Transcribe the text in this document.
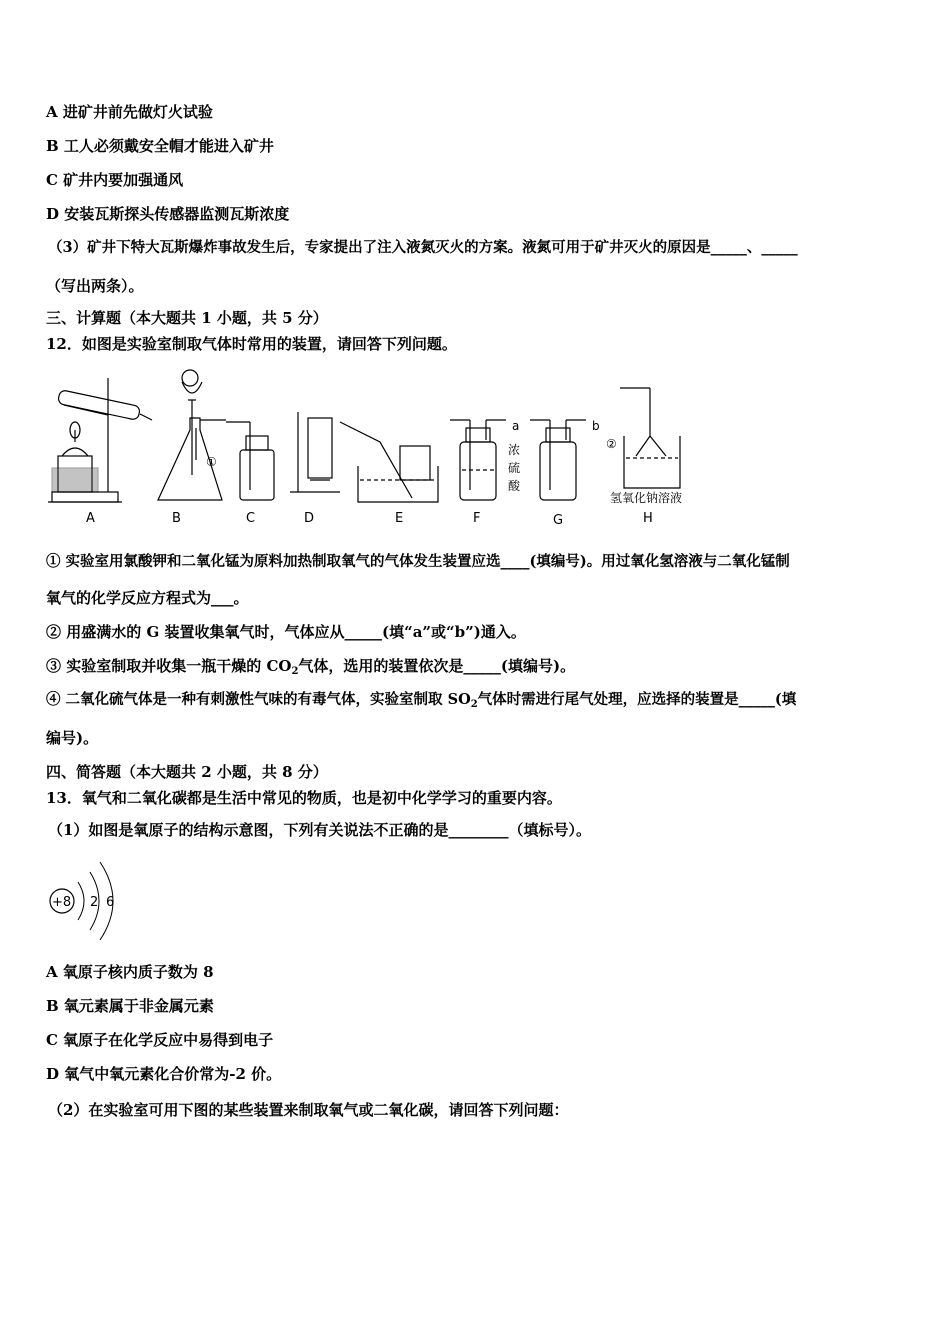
A 进矿井前先做灯火试验
B 工人必须戴安全帽才能进入矿井
C 矿井内要加强通风
D 安装瓦斯探头传感器监测瓦斯浓度
（3）矿井下特大瓦斯爆炸事故发生后，专家提出了注入液氮灭火的方案。液氮可用于矿井灭火的原因是_____、_____
（写出两条）。
三、计算题（本大题共 1 小题，共 5 分）
12．如图是实验室制取气体时常用的装置，请回答下列问题。
①
②
a	b
浓
硫
酸
氢氧化钠溶液
A	B	C	D	E	F	G	H
① 实验室用氯酸钾和二氧化锰为原料加热制取氧气的气体发生装置应选____(填编号)。用过氧化氢溶液与二氧化锰制
氧气的化学反应方程式为___。
② 用盛满水的 G 装置收集氧气时，气体应从_____(填“a”或“b”)通入。
③ 实验室制取并收集一瓶干燥的 $CO_2$气体，选用的装置依次是_____(填编号)。
④ 二氧化硫气体是一种有刺激性气味的有毒气体，实验室制取 $SO_2$气体时需进行尾气处理，应选择的装置是_____(填
编号)。
四、简答题（本大题共 2 小题，共 8 分）
13．氧气和二氧化碳都是生活中常见的物质，也是初中化学学习的重要内容。
（1）如图是氧原子的结构示意图，下列有关说法不正确的是________（填标号）。
+8 2 6
A 氧原子核内质子数为 8
B 氧元素属于非金属元素
C 氧原子在化学反应中易得到电子
D 氧气中氧元素化合价常为-2 价。
（2）在实验室可用下图的某些装置来制取氧气或二氧化碳，请回答下列问题：
